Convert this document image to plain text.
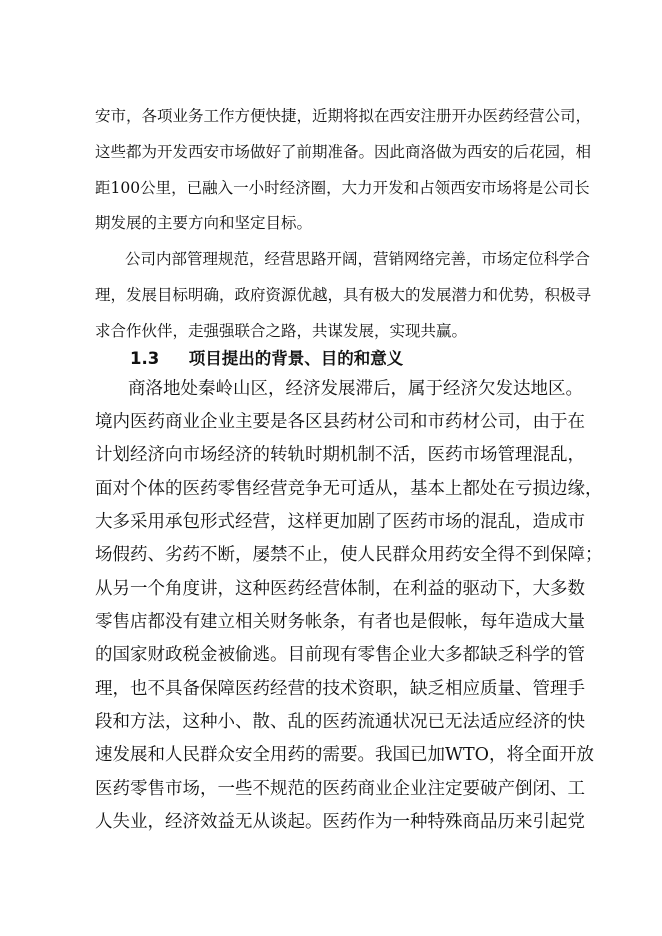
安市，各项业务工作方便快捷，近期将拟在西安注册开办医药经营公司，
这些都为开发西安市场做好了前期准备。因此商洛做为西安的后花园，相
距100公里，已融入一小时经济圈，大力开发和占领西安市场将是公司长
期发展的主要方向和坚定目标。
公司内部管理规范，经营思路开阔，营销网络完善，市场定位科学合
理，发展目标明确，政府资源优越，具有极大的发展潜力和优势，积极寻
求合作伙伴，走强强联合之路，共谋发展，实现共赢。
1.3 项目提出的背景、目的和意义
商洛地处秦岭山区，经济发展滞后，属于经济欠发达地区。
境内医药商业企业主要是各区县药材公司和市药材公司，由于在
计划经济向市场经济的转轨时期机制不活，医药市场管理混乱，
面对个体的医药零售经营竞争无可适从，基本上都处在亏损边缘，
大多采用承包形式经营，这样更加剧了医药市场的混乱，造成市
场假药、劣药不断，屡禁不止，使人民群众用药安全得不到保障；
从另一个角度讲，这种医药经营体制，在利益的驱动下，大多数
零售店都没有建立相关财务帐条，有者也是假帐，每年造成大量
的国家财政税金被偷逃。目前现有零售企业大多都缺乏科学的管
理，也不具备保障医药经营的技术资职，缺乏相应质量、管理手
段和方法，这种小、散、乱的医药流通状况已无法适应经济的快
速发展和人民群众安全用药的需要。我国已加WTO，将全面开放
医药零售市场，一些不规范的医药商业企业注定要破产倒闭、工
人失业，经济效益无从谈起。医药作为一种特殊商品历来引起党
